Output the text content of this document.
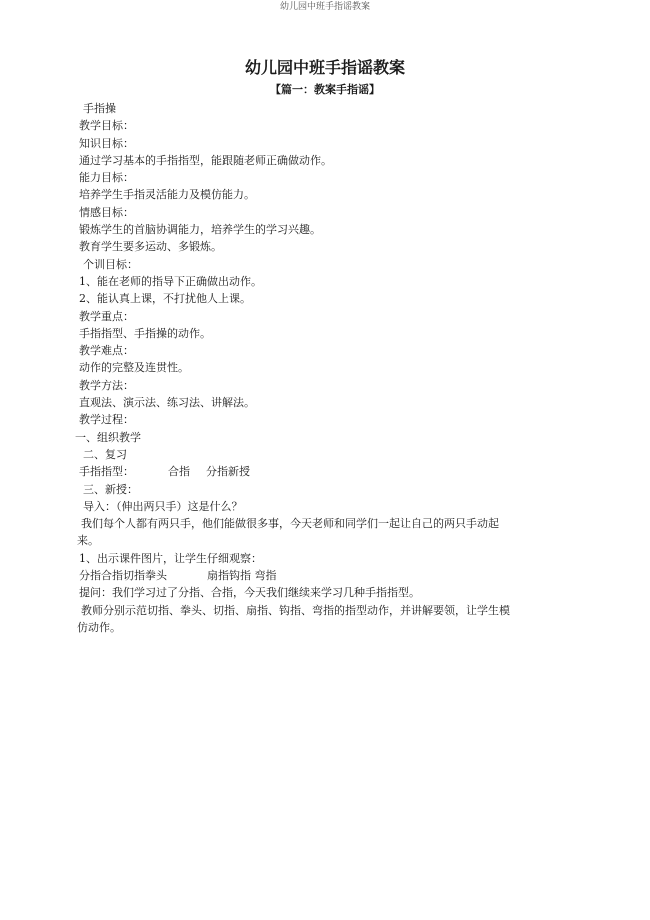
幼儿园中班手指谣教案
幼儿园中班手指谣教案
【篇一：教案手指谣】

手指操

教学目标：

知识目标：

通过学习基本的手指指型，能跟随老师正确做动作。

能力目标：

培养学生手指灵活能力及模仿能力。

情感目标：

锻炼学生的首脑协调能力，培养学生的学习兴趣。

教育学生要多运动、多锻炼。

个训目标：

1、能在老师的指导下正确做出动作。

2、能认真上课，不打扰他人上课。

教学重点：

手指指型、手指操的动作。

教学难点：

动作的完整及连贯性。

教学方法：

直观法、演示法、练习法、讲解法。

教学过程：

一、组织教学

二、复习

手指指型：	合指 分指新授

三、新授：

导入：（伸出两只手）这是什么？

我们每个人都有两只手，他们能做很多事，今天老师和同学们一起让自己的两只手动起来。

1、出示课件图片，让学生仔细观察：

分指合指切指拳头	扇指钩指 弯指

提问：我们学习过了分指、合指，今天我们继续来学习几种手指指型。

教师分别示范切指、拳头、切指、扇指、钩指、弯指的指型动作，并讲解要领，让学生模仿动作。
